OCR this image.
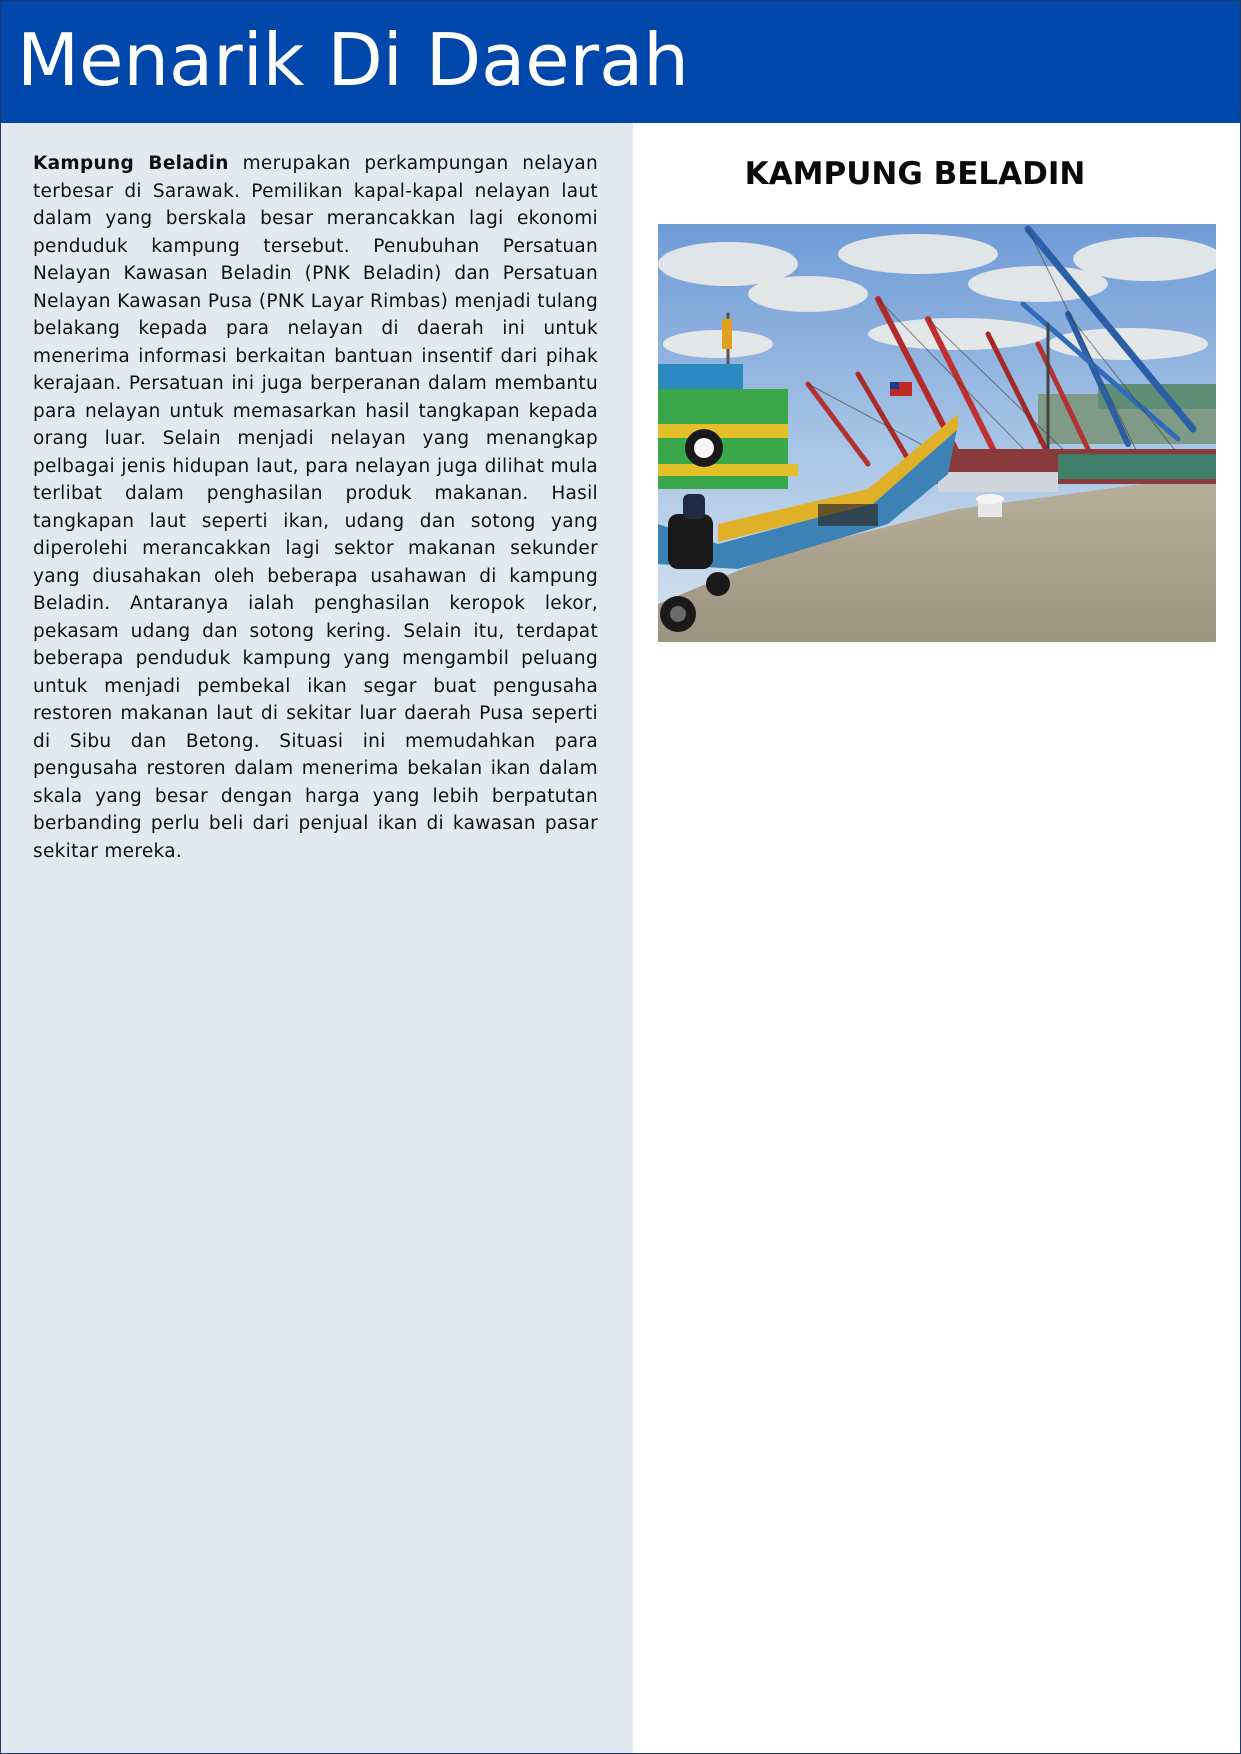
Menarik Di Daerah

Kampung Beladin merupakan perkampungan nelayan terbesar di Sarawak. Pemilikan kapal-kapal nelayan laut dalam yang berskala besar merancakkan lagi ekonomi penduduk kampung tersebut. Penubuhan Persatuan Nelayan Kawasan Beladin (PNK Beladin) dan Persatuan Nelayan Kawasan Pusa (PNK Layar Rimbas) menjadi tulang belakang kepada para nelayan di daerah ini untuk menerima informasi berkaitan bantuan insentif dari pihak kerajaan. Persatuan ini juga berperanan dalam membantu para nelayan untuk memasarkan hasil tangkapan kepada orang luar. Selain menjadi nelayan yang menangkap pelbagai jenis hidupan laut, para nelayan juga dilihat mula terlibat dalam penghasilan produk makanan. Hasil tangkapan laut seperti ikan, udang dan sotong yang diperolehi merancakkan lagi sektor makanan sekunder yang diusahakan oleh beberapa usahawan di kampung Beladin. Antaranya ialah penghasilan keropok lekor, pekasam udang dan sotong kering. Selain itu, terdapat beberapa penduduk kampung yang mengambil peluang untuk menjadi pembekal ikan segar buat pengusaha restoren makanan laut di sekitar luar daerah Pusa seperti di Sibu dan Betong. Situasi ini memudahkan para pengusaha restoren dalam menerima bekalan ikan dalam skala yang besar dengan harga yang lebih berpatutan berbanding perlu beli dari penjual ikan di kawasan pasar sekitar mereka.

KAMPUNG BELADIN
